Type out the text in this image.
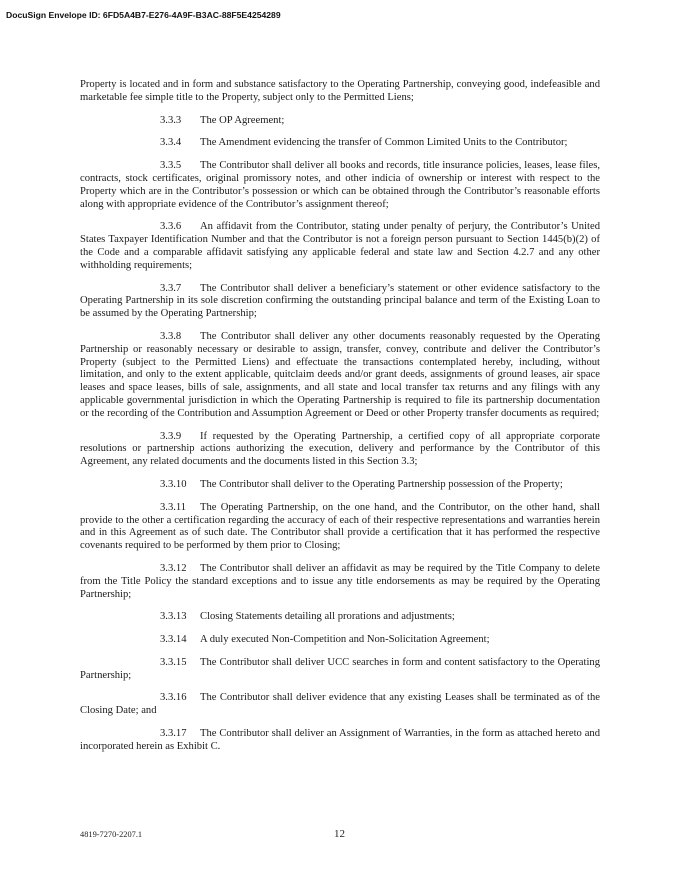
DocuSign Envelope ID: 6FD5A4B7-E276-4A9F-B3AC-88F5E4254289

Property is located and in form and substance satisfactory to the Operating Partnership, conveying good, indefeasible and marketable fee simple title to the Property, subject only to the Permitted Liens;

3.3.3 The OP Agreement;

3.3.4 The Amendment evidencing the transfer of Common Limited Units to the Contributor;

3.3.5 The Contributor shall deliver all books and records, title insurance policies, leases, lease files, contracts, stock certificates, original promissory notes, and other indicia of ownership or interest with respect to the Property which are in the Contributor’s possession or which can be obtained through the Contributor’s reasonable efforts along with appropriate evidence of the Contributor’s assignment thereof;

3.3.6 An affidavit from the Contributor, stating under penalty of perjury, the Contributor’s United States Taxpayer Identification Number and that the Contributor is not a foreign person pursuant to Section 1445(b)(2) of the Code and a comparable affidavit satisfying any applicable federal and state law and Section 4.2.7 and any other withholding requirements;

3.3.7 The Contributor shall deliver a beneficiary’s statement or other evidence satisfactory to the Operating Partnership in its sole discretion confirming the outstanding principal balance and term of the Existing Loan to be assumed by the Operating Partnership;

3.3.8 The Contributor shall deliver any other documents reasonably requested by the Operating Partnership or reasonably necessary or desirable to assign, transfer, convey, contribute and deliver the Contributor’s Property (subject to the Permitted Liens) and effectuate the transactions contemplated hereby, including, without limitation, and only to the extent applicable, quitclaim deeds and/or grant deeds, assignments of ground leases, air space leases and space leases, bills of sale, assignments, and all state and local transfer tax returns and any filings with any applicable governmental jurisdiction in which the Operating Partnership is required to file its partnership documentation or the recording of the Contribution and Assumption Agreement or Deed or other Property transfer documents as required;

3.3.9 If requested by the Operating Partnership, a certified copy of all appropriate corporate resolutions or partnership actions authorizing the execution, delivery and performance by the Contributor of this Agreement, any related documents and the documents listed in this Section 3.3;

3.3.10 The Contributor shall deliver to the Operating Partnership possession of the Property;

3.3.11 The Operating Partnership, on the one hand, and the Contributor, on the other hand, shall provide to the other a certification regarding the accuracy of each of their respective representations and warranties herein and in this Agreement as of such date. The Contributor shall provide a certification that it has performed the respective covenants required to be performed by them prior to Closing;

3.3.12 The Contributor shall deliver an affidavit as may be required by the Title Company to delete from the Title Policy the standard exceptions and to issue any title endorsements as may be required by the Operating Partnership;

3.3.13 Closing Statements detailing all prorations and adjustments;

3.3.14 A duly executed Non-Competition and Non-Solicitation Agreement;

3.3.15 The Contributor shall deliver UCC searches in form and content satisfactory to the Operating Partnership;

3.3.16 The Contributor shall deliver evidence that any existing Leases shall be terminated as of the Closing Date; and

3.3.17 The Contributor shall deliver an Assignment of Warranties, in the form as attached hereto and incorporated herein as Exhibit C.

4819-7270-2207.1	12
